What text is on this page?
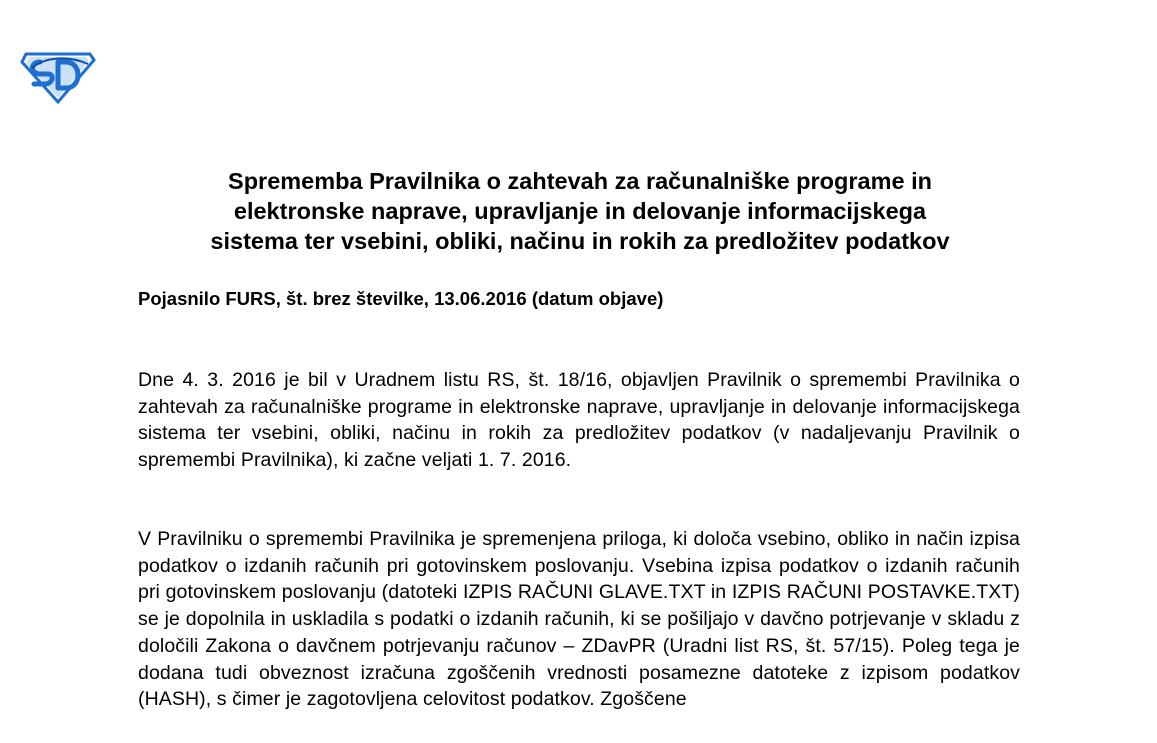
Sprememba Pravilnika o zahtevah za računalniške programe in
elektronske naprave, upravljanje in delovanje informacijskega
sistema ter vsebini, obliki, načinu in rokih za predložitev podatkov

Pojasnilo FURS, št. brez številke, 13.06.2016 (datum objave)

Dne 4. 3. 2016 je bil v Uradnem listu RS, št. 18/16, objavljen Pravilnik o spremembi Pravilnika o zahtevah za računalniške programe in elektronske naprave, upravljanje in delovanje informacijskega sistema ter vsebini, obliki, načinu in rokih za predložitev podatkov (v nadaljevanju Pravilnik o spremembi Pravilnika), ki začne veljati 1. 7. 2016.

V Pravilniku o spremembi Pravilnika je spremenjena priloga, ki določa vsebino, obliko in način izpisa podatkov o izdanih računih pri gotovinskem poslovanju. Vsebina izpisa podatkov o izdanih računih pri gotovinskem poslovanju (datoteki IZPIS RAČUNI GLAVE.TXT in IZPIS RAČUNI POSTAVKE.TXT) se je dopolnila in uskladila s podatki o izdanih računih, ki se pošiljajo v davčno potrjevanje v skladu z določili Zakona o davčnem potrjevanju računov – ZDavPR (Uradni list RS, št. 57/15). Poleg tega je dodana tudi obveznost izračuna zgoščenih vrednosti posamezne datoteke z izpisom podatkov (HASH), s čimer je zagotovljena celovitost podatkov. Zgoščene
